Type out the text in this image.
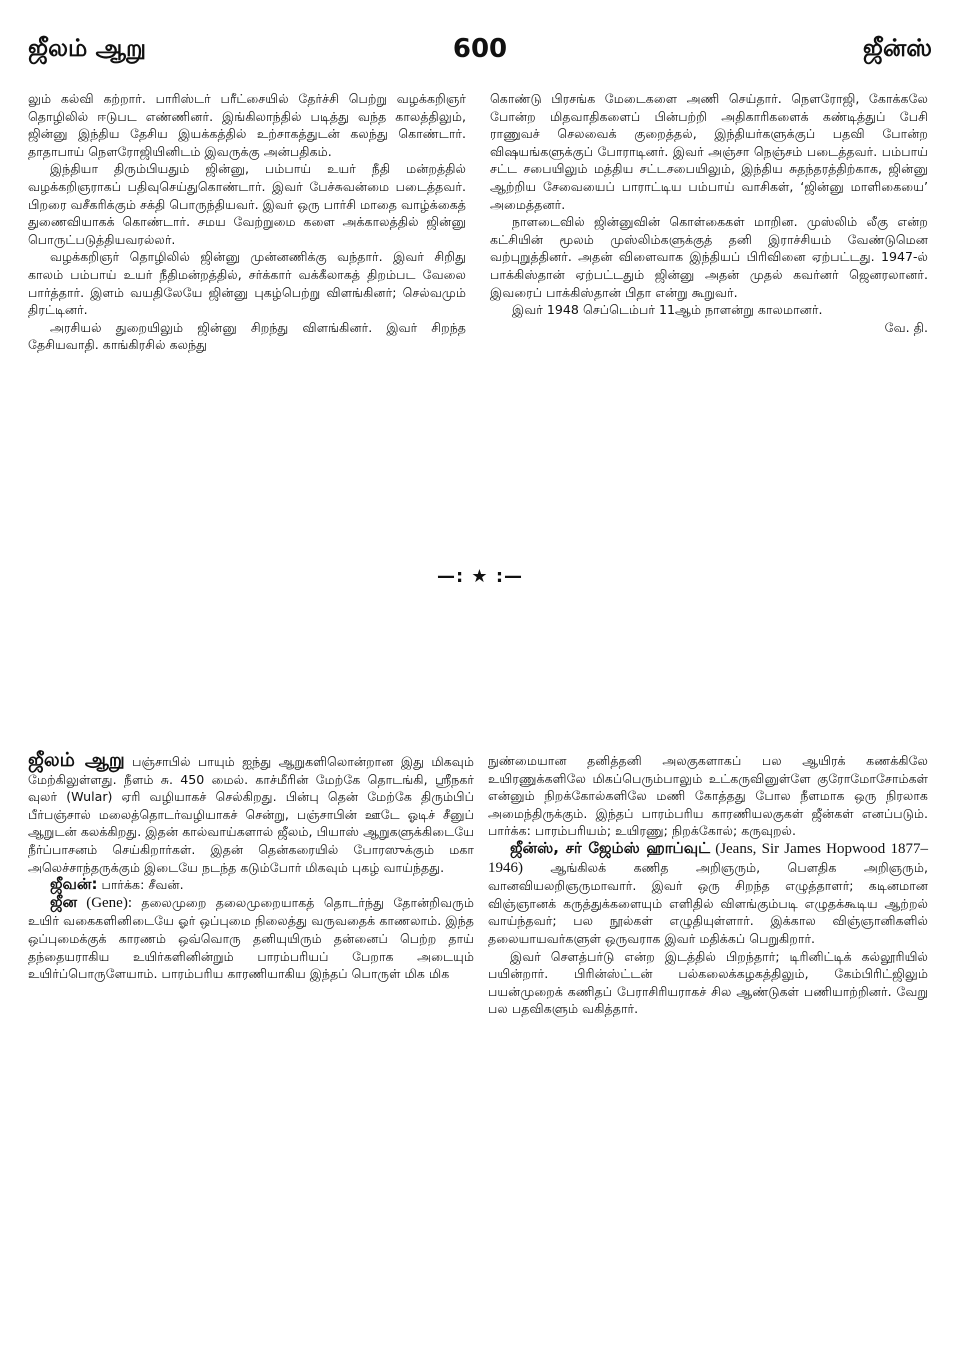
ஜீலம் ஆறு	600	ஜீன்ஸ்

லும் கல்வி கற்றார். பாரிஸ்டர் பரீட்சையில் தேர்ச்சி பெற்று வழக்கறிஞர் தொழிலில் ஈடுபட எண்ணினர். இங்கிலாந்தில் படித்து வந்த காலத்திலும், ஜின்னு இந்திய தேசிய இயக்கத்தில் உற்சாகத்துடன் கலந்து கொண்டார். தாதாபாய் நௌரோஜியினிடம் இவருக்கு அன்பதிகம்.

இந்தியா திரும்பியதும் ஜின்னு, பம்பாய் உயர் நீதி மன்றத்தில் வழக்கறிஞராகப் பதிவுசெய்துகொண்டார். இவர் பேச்சுவன்மை படைத்தவர். பிறரை வசீகரிக்கும் சக்தி பொருந்தியவர். இவர் ஒரு பார்சி மாதை வாழ்க்கைத் துணைவியாகக் கொண்டார். சமய வேற்றுமை களை அக்காலத்தில் ஜின்னு பொருட்படுத்தியவரல்லர்.

வழக்கறிஞர் தொழிலில் ஜின்னு முன்னணிக்கு வந்தார். இவர் சிறிது காலம் பம்பாய் உயர் நீதிமன்றத்தில், சர்க்கார் வக்கீலாகத் திறம்பட வேலை பார்த்தார். இளம் வயதிலேயே ஜின்னு புகழ்பெற்று விளங்கினர்; செல்வமும் திரட்டினர்.

அரசியல் துறையிலும் ஜின்னு சிறந்து விளங்கினர். இவர் சிறந்த தேசியவாதி. காங்கிரசில் கலந்து

கொண்டு பிரசங்க மேடைகளை அணி செய்தார். நௌரோஜி, கோக்கலே போன்ற மிதவாதிகளைப் பின்பற்றி அதிகாரிகளைக் கண்டித்துப் பேசி ராணுவச் செலவைக் குறைத்தல், இந்தியர்களுக்குப் பதவி போன்ற விஷயங்களுக்குப் போராடினர். இவர் அஞ்சா நெஞ்சம் படைத்தவர். பம்பாய் சட்ட சபையிலும் மத்திய சட்டசபையிலும், இந்திய சுதந்தரத்திற்காக, ஜின்னு ஆற்றிய சேவையைப் பாராட்டிய பம்பாய் வாசிகள், ‘ஜின்னு மாளிகையை’ அமைத்தனர்.

நாளடைவில் ஜின்னுவின் கொள்கைகள் மாறின. முஸ்லிம் லீகு என்ற கட்சியின் மூலம் முஸ்லிம்களுக்குத் தனி இராச்சியம் வேண்டுமென வற்புறுத்தினர். அதன் விளைவாக இந்தியப் பிரிவினை ஏற்பட்டது. 1947-ல் பாக்கிஸ்தான் ஏற்பட்டதும் ஜின்னு அதன் முதல் கவர்னர் ஜெனரலானர். இவரைப் பாக்கிஸ்தான் பிதா என்று கூறுவர்.

இவர் 1948 செப்டெம்பர் 11ஆம் நாளன்று காலமானர்.

வே. தி.

—: ★ :—

ஜீலம் ஆறு பஞ்சாபில் பாயும் ஐந்து ஆறுகளிலொன்றான இது மிகவும் மேற்கிலுள்ளது. நீளம் சு. 450 மைல். காச்மீரின் மேற்கே தொடங்கி, ஸ்ரீநகர் வுலர் (Wular) ஏரி வழியாகச் செல்கிறது. பின்பு தென் மேற்கே திரும்பிப் பீர்பஞ்சால் மலைத்தொடர்வழியாகச் சென்று, பஞ்சாபின் ஊடே ஓடிச் சீனுப் ஆறுடன் கலக்கிறது. இதன் கால்வாய்களால் ஜீலம், பியாஸ் ஆறுகளுக்கிடையே நீர்ப்பாசனம் செய்கிறார்கள். இதன் தென்கரையில் போரஸுக்கும் மகா அலெச்சாந்தருக்கும் இடையே நடந்த கடும்போர் மிகவும் புகழ் வாய்ந்தது.

ஜீவன்: பார்க்க: சீவன்.

ஜீன (Gene): தலைமுறை தலைமுறையாகத் தொடர்ந்து தோன்றிவரும் உயிர் வகைகளினிடையே ஓர் ஒப்புமை நிலைத்து வருவதைக் காணலாம். இந்த ஒப்புமைக்குக் காரணம் ஒவ்வொரு தனியுயிரும் தன்னைப் பெற்ற தாய் தந்தையராகிய உயிர்களினின்றும் பாரம்பரியப் பேறாக அடையும் உயிர்ப்பொருளேயாம். பாரம்பரிய காரணியாகிய இந்தப் பொருள் மிக மிக

நுண்மையான தனித்தனி அலகுகளாகப் பல ஆயிரக் கணக்கிலே உயிரணுக்களிலே மிகப்பெரும்பாலும் உட்கருவினுள்ளே குரோமோசோம்கள் என்னும் நிறக்கோல்களிலே மணி கோத்தது போல நீளமாக ஒரு நிரலாக அமைந்திருக்கும். இந்தப் பாரம்பரிய காரணியலகுகள் ஜீன்கள் எனப்படும். பார்க்க: பாரம்பரியம்; உயிரணு; நிறக்கோல்; கருவுறல்.

ஜீன்ஸ், சர் ஜேம்ஸ் ஹாப்வுட் (Jeans, Sir James Hopwood 1877–1946) ஆங்கிலக் கணித அறிஞரும், பௌதிக அறிஞரும், வானவியலறிஞருமாவார். இவர் ஒரு சிறந்த எழுத்தாளர்; கடினமான விஞ்ஞானக் கருத்துக்களையும் எளிதில் விளங்கும்படி எழுதக்கூடிய ஆற்றல் வாய்ந்தவர்; பல நூல்கள் எழுதியுள்ளார். இக்கால விஞ்ஞானிகளில் தலையாயவர்களுள் ஒருவராக இவர் மதிக்கப் பெறுகிறார்.

இவர் சௌத்பர்டு என்ற இடத்தில் பிறந்தார்; டிரினிட்டிக் கல்லூரியில் பயின்றார். பிரின்ஸ்ட்டன் பல்கலைக்கழகத்திலும், கேம்பிரிட்ஜிலும் பயன்முறைக் கணிதப் பேராசிரியராகச் சில ஆண்டுகள் பணியாற்றினர். வேறு பல பதவிகளும் வகித்தார்.
